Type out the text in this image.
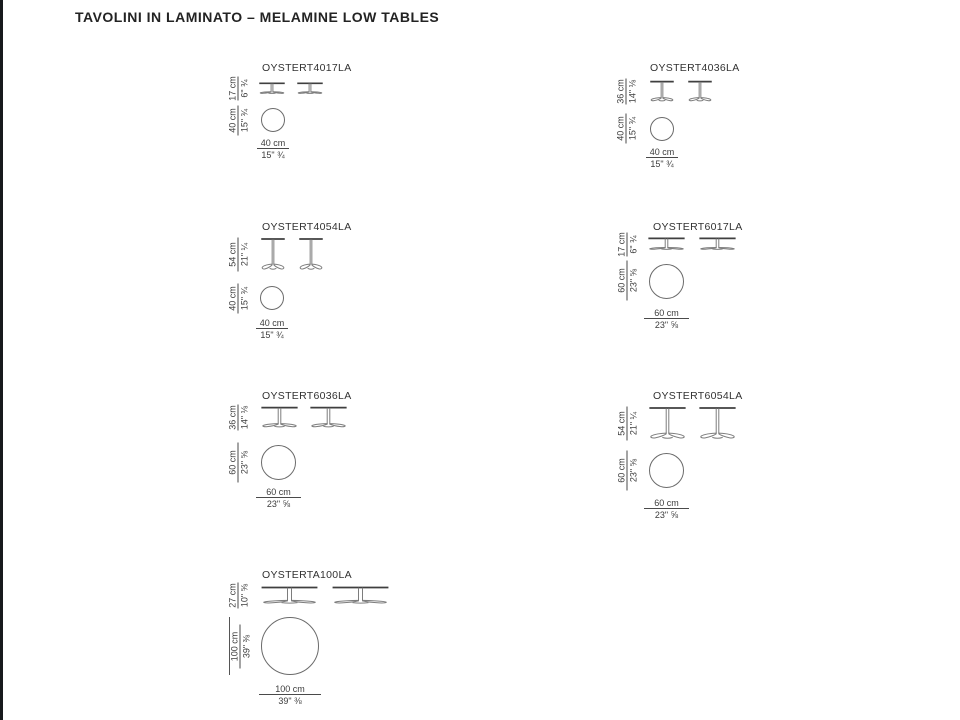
TAVOLINI IN LAMINATO – MELAMINE LOW TABLES
OYSTERT4017LA
17 cm 6" ¾
40 cm 15" ¾
40 cm
15" ¾
OYSTERT4036LA
36 cm 14" ⅛
40 cm 15" ¾
40 cm
15" ¾
OYSTERT4054LA
54 cm 21" ¼
40 cm 15" ¾
40 cm
15" ¾
OYSTERT6017LA
17 cm 6" ¾
60 cm 23" ⅝
60 cm
23" ⅝
OYSTERT6036LA
36 cm 14" ⅛
60 cm 23" ⅝
60 cm
23" ⅝
OYSTERT6054LA
54 cm 21" ¼
60 cm 23" ⅝
60 cm
23" ⅝
OYSTERTA100LA
27 cm 10" ⅝
100 cm 39" ⅜
100 cm
39" ⅜
